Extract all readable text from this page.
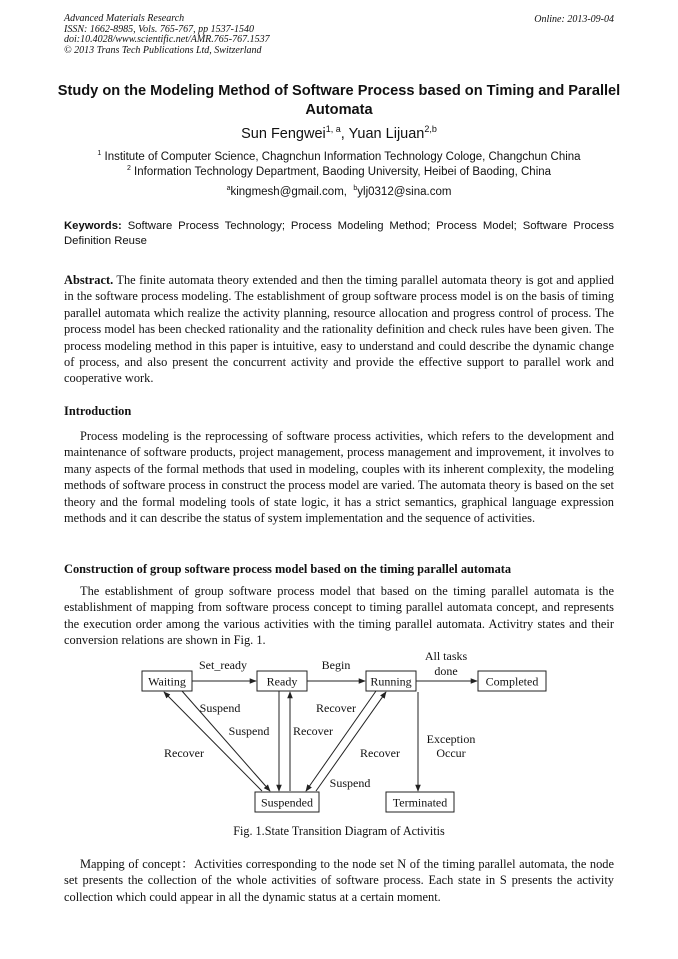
Advanced Materials Research
ISSN: 1662-8985, Vols. 765-767, pp 1537-1540
doi:10.4028/www.scientific.net/AMR.765-767.1537
© 2013 Trans Tech Publications Ltd, Switzerland
Online: 2013-09-04
Study on the Modeling Method of Software Process based on Timing and Parallel Automata
Sun Fengwei$^{1, a}$, Yuan Lijuan$^{2,b}$
$^1$ Institute of Computer Science, Chagnchun Information Technology Cologe, Changchun China
$^2$ Information Technology Department, Baoding University, Heibei of Baoding, China
$^a$kingmesh@gmail.com, $^b$ylj0312@sina.com
Keywords: Software Process Technology; Process Modeling Method; Process Model; Software Process Definition Reuse
Abstract. The finite automata theory extended and then the timing parallel automata theory is got and applied in the software process modeling. The establishment of group software process model is on the basis of timing parallel automata which realize the activity planning, resource allocation and progress control of process. The process model has been checked rationality and the rationality definition and check rules have been given. The process modeling method in this paper is intuitive, easy to understand and could describe the dynamic change of process, and also present the concurrent activity and provide the effective support to parallel work and cooperative work.
Introduction
Process modeling is the reprocessing of software process activities, which refers to the development and maintenance of software products, project management, process management and improvement, it involves to many aspects of the formal methods that used in modeling, couples with its inherent complexity, the modeling methods of software process in construct the process model are varied. The automata theory is based on the set theory and the formal modeling tools of state logic, it has a strict semantics, graphical language expression methods and it can describe the status of system implementation and the sequence of activities.
Construction of group software process model based on the timing parallel automata
The establishment of group software process model that based on the timing parallel automata is the establishment of mapping from software process concept to timing parallel automata concept, and represents the execution order among the various activities with the timing parallel automata. Activitry states and their conversion relations are shown in Fig. 1.
Waiting	Ready	Running	Completed
Suspended	Terminated
Set_ready	Begin
All tasks
done
Suspend	Recover
Suspend Recover
Exception
Occur
Recover	Recover
Suspend
Fig. 1.State Transition Diagram of Activitis
Mapping of concept：Activities corresponding to the node set N of the timing parallel automata, the node set presents the collection of the whole activities of software process. Each state in S presents the activity collection which could appear in all the dynamic status at a certain moment.
